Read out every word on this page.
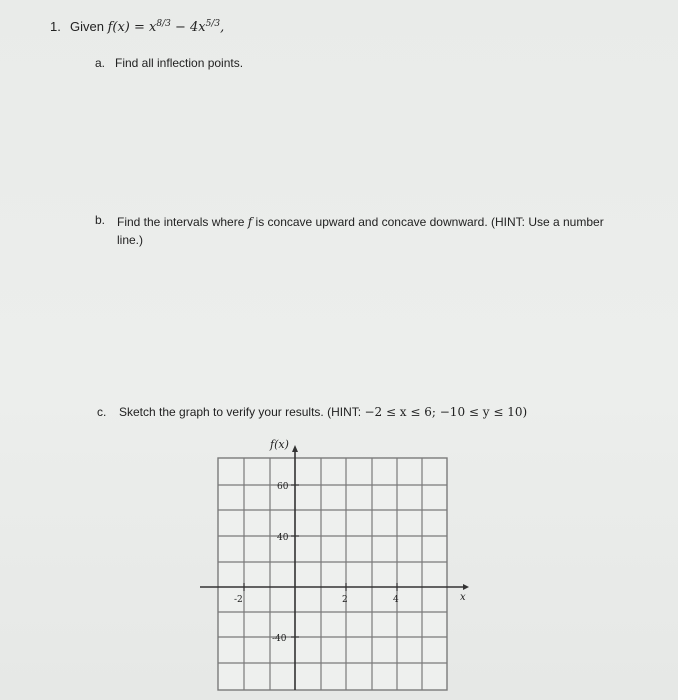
1. Given $f(x) = x^{8/3} - 4x^{5/3}$,
a. Find all inflection points.
b. Find the intervals where f is concave upward and concave downward. (HINT: Use a number line.)
c. Sketch the graph to verify your results. (HINT: −2 ≤ x ≤ 6; −10 ≤ y ≤ 10)
f(x)
x
-2	2	4
60
40
-40
